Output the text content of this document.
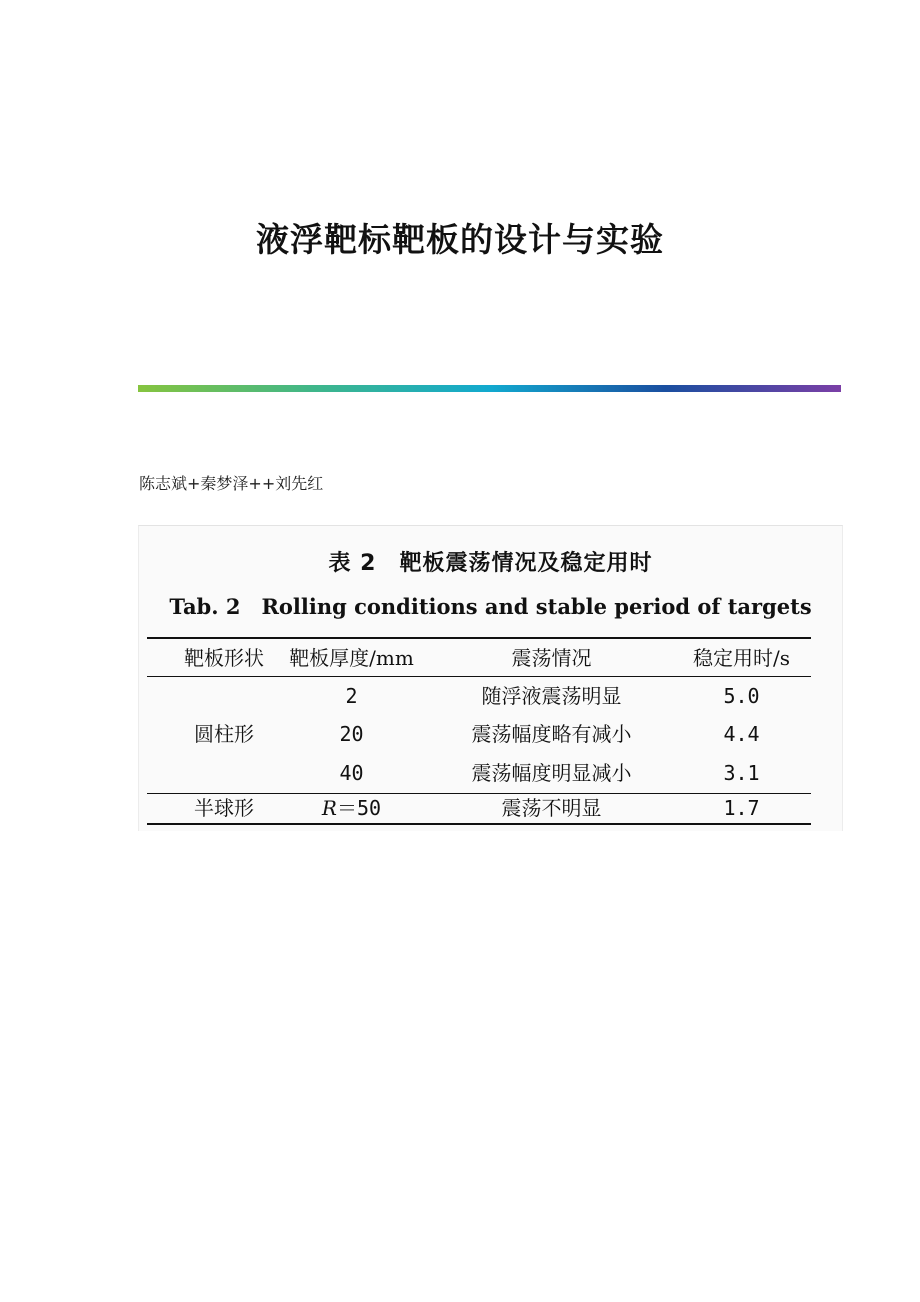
液浮靶标靶板的设计与实验
陈志斌+秦梦泽++刘先红
表 2　靶板震荡情况及稳定用时
Tab. 2　Rolling conditions and stable period of targets
靶板形状	靶板厚度/mm	震荡情况	稳定用时/s
圆柱形
2	随浮液震荡明显	5.0
20	震荡幅度略有减小	4.4
40	震荡幅度明显减小	3.1
半球形	R＝50	震荡不明显	1.7
